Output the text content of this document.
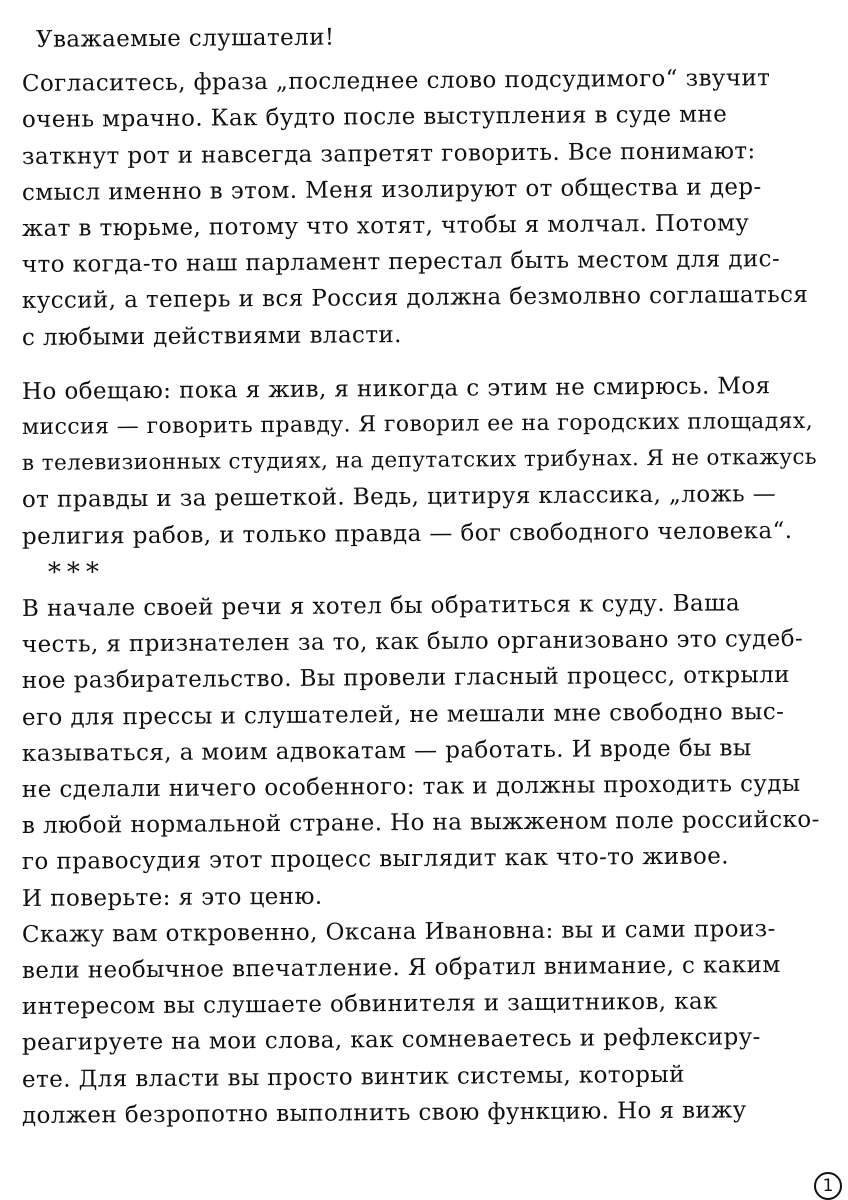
Уважаемые слушатели!
Согласитесь, фраза „последнее слово подсудимого“ звучит
очень мрачно. Как будто после выступления в суде мне
заткнут рот и навсегда запретят говорить. Все понимают:
смысл именно в этом. Меня изолируют от общества и дер-
жат в тюрьме, потому что хотят, чтобы я молчал. Потому
что когда-то наш парламент перестал быть местом для дис-
куссий, а теперь и вся Россия должна безмолвно соглашаться
с любыми действиями власти.
Но обещаю: пока я жив, я никогда с этим не смирюсь. Моя
миссия — говорить правду. Я говорил ее на городских площадях,
в телевизионных студиях, на депутатских трибунах. Я не откажусь
от правды и за решеткой. Ведь, цитируя классика, „ложь —
религия рабов, и только правда — бог свободного человека“.
***
В начале своей речи я хотел бы обратиться к суду. Ваша
честь, я признателен за то, как было организовано это судеб-
ное разбирательство. Вы провели гласный процесс, открыли
его для прессы и слушателей, не мешали мне свободно выс-
казываться, а моим адвокатам — работать. И вроде бы вы
не сделали ничего особенного: так и должны проходить суды
в любой нормальной стране. Но на выжженом поле российско-
го правосудия этот процесс выглядит как что-то живое.
И поверьте: я это ценю.
Скажу вам откровенно, Оксана Ивановна: вы и сами произ-
вели необычное впечатление. Я обратил внимание, с каким
интересом вы слушаете обвинителя и защитников, как
реагируете на мои слова, как сомневаетесь и рефлексиру-
ете. Для власти вы просто винтик системы, который
должен безропотно выполнить свою функцию. Но я вижу
1
